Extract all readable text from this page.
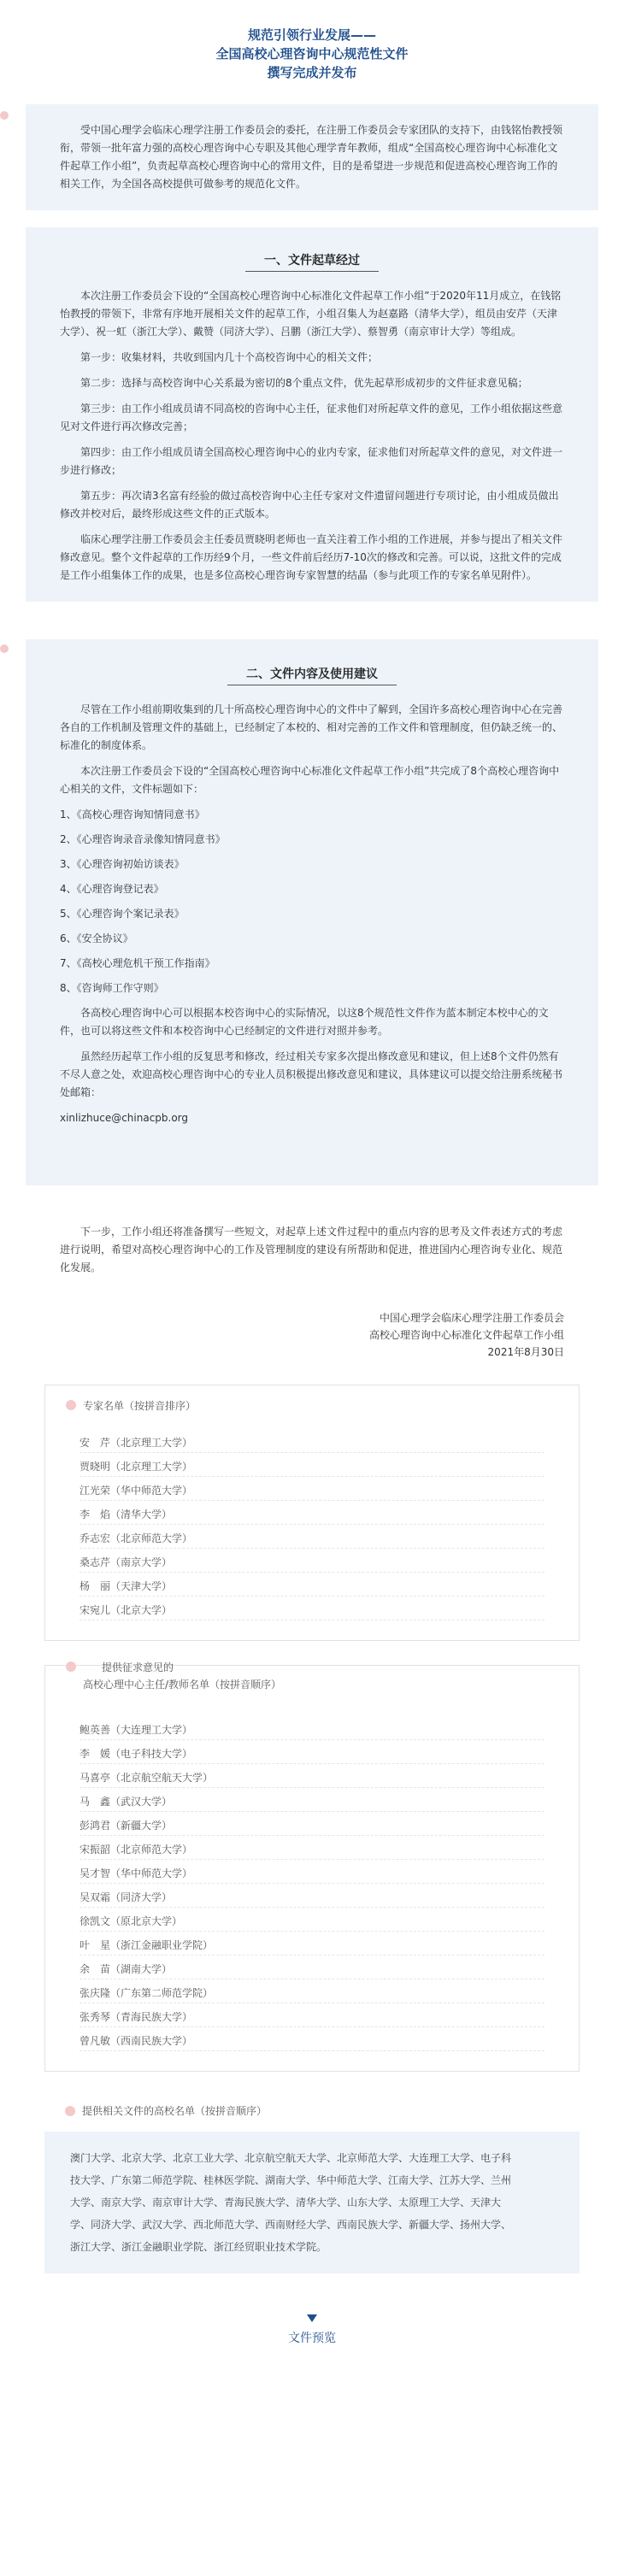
规范引领行业发展——
全国高校心理咨询中心规范性文件
撰写完成并发布

受中国心理学会临床心理学注册工作委员会的委托，在注册工作委员会专家团队的支持下，由钱铭怡教授领衔，带领一批年富力强的高校心理咨询中心专职及其他心理学青年教师，组成“全国高校心理咨询中心标准化文件起草工作小组”，负责起草高校心理咨询中心的常用文件，目的是希望进一步规范和促进高校心理咨询工作的相关工作，为全国各高校提供可做参考的规范化文件。

一、文件起草经过

本次注册工作委员会下设的“全国高校心理咨询中心标准化文件起草工作小组”于2020年11月成立，在钱铭怡教授的带领下，非常有序地开展相关文件的起草工作，小组召集人为赵嘉路（清华大学），组员由安芹（天津大学）、祝一虹（浙江大学）、戴赞（同济大学）、吕鹏（浙江大学）、蔡智勇（南京审计大学）等组成。

第一步：收集材料，共收到国内几十个高校咨询中心的相关文件；

第二步：选择与高校咨询中心关系最为密切的8个重点文件，优先起草形成初步的文件征求意见稿；

第三步：由工作小组成员请不同高校的咨询中心主任，征求他们对所起草文件的意见，工作小组依据这些意见对文件进行再次修改完善；

第四步：由工作小组成员请全国高校心理咨询中心的业内专家，征求他们对所起草文件的意见，对文件进一步进行修改；

第五步：再次请3名富有经验的做过高校咨询中心主任专家对文件遗留问题进行专项讨论，由小组成员做出修改并校对后，最终形成这些文件的正式版本。

临床心理学注册工作委员会主任委员贾晓明老师也一直关注着工作小组的工作进展，并参与提出了相关文件修改意见。整个文件起草的工作历经9个月，一些文件前后经历7-10次的修改和完善。可以说，这批文件的完成是工作小组集体工作的成果，也是多位高校心理咨询专家智慧的结晶（参与此项工作的专家名单见附件）。

二、文件内容及使用建议

尽管在工作小组前期收集到的几十所高校心理咨询中心的文件中了解到，全国许多高校心理咨询中心在完善各自的工作机制及管理文件的基础上，已经制定了本校的、相对完善的工作文件和管理制度，但仍缺乏统一的、标准化的制度体系。

本次注册工作委员会下设的“全国高校心理咨询中心标准化文件起草工作小组”共完成了8个高校心理咨询中心相关的文件，文件标题如下：

1、《高校心理咨询知情同意书》
2、《心理咨询录音录像知情同意书》
3、《心理咨询初始访谈表》
4、《心理咨询登记表》
5、《心理咨询个案记录表》
6、《安全协议》
7、《高校心理危机干预工作指南》
8、《咨询师工作守则》

各高校心理咨询中心可以根据本校咨询中心的实际情况，以这8个规范性文件作为蓝本制定本校中心的文件，也可以将这些文件和本校咨询中心已经制定的文件进行对照并参考。

虽然经历起草工作小组的反复思考和修改，经过相关专家多次提出修改意见和建议，但上述8个文件仍然有不尽人意之处，欢迎高校心理咨询中心的专业人员积极提出修改意见和建议，具体建议可以提交给注册系统秘书处邮箱：

xinlizhuce@chinacpb.org

下一步，工作小组还将准备撰写一些短文，对起草上述文件过程中的重点内容的思考及文件表述方式的考虑进行说明，希望对高校心理咨询中心的工作及管理制度的建设有所帮助和促进，推进国内心理咨询专业化、规范化发展。

中国心理学会临床心理学注册工作委员会
高校心理咨询中心标准化文件起草工作小组
2021年8月30日
专家名单（按拼音排序）
安　芹（北京理工大学）
贾晓明（北京理工大学）
江光荣（华中师范大学）
李　焰（清华大学）
乔志宏（北京师范大学）
桑志芹（南京大学）
杨　丽（天津大学）
宋宛儿（北京大学）
提供征求意见的
高校心理中心主任/教师名单（按拼音顺序）
鲍英善（大连理工大学）
李　媛（电子科技大学）
马喜亭（北京航空航天大学）
马　鑫（武汉大学）
彭鸿君（新疆大学）
宋振韶（北京师范大学）
吴才智（华中师范大学）
吴双霜（同济大学）
徐凯文（原北京大学）
叶　星（浙江金融职业学院）
余　苗（湖南大学）
张庆隆（广东第二师范学院）
张秀琴（青海民族大学）
曾凡敏（西南民族大学）
提供相关文件的高校名单（按拼音顺序）

澳门大学、北京大学、北京工业大学、北京航空航天大学、北京师范大学、大连理工大学、电子科

技大学、广东第二师范学院、桂林医学院、湖南大学、华中师范大学、江南大学、江苏大学、兰州

大学、南京大学、南京审计大学、青海民族大学、清华大学、山东大学、太原理工大学、天津大

学、同济大学、武汉大学、西北师范大学、西南财经大学、西南民族大学、新疆大学、扬州大学、

浙江大学、浙江金融职业学院、浙江经贸职业技术学院。

文件预览
